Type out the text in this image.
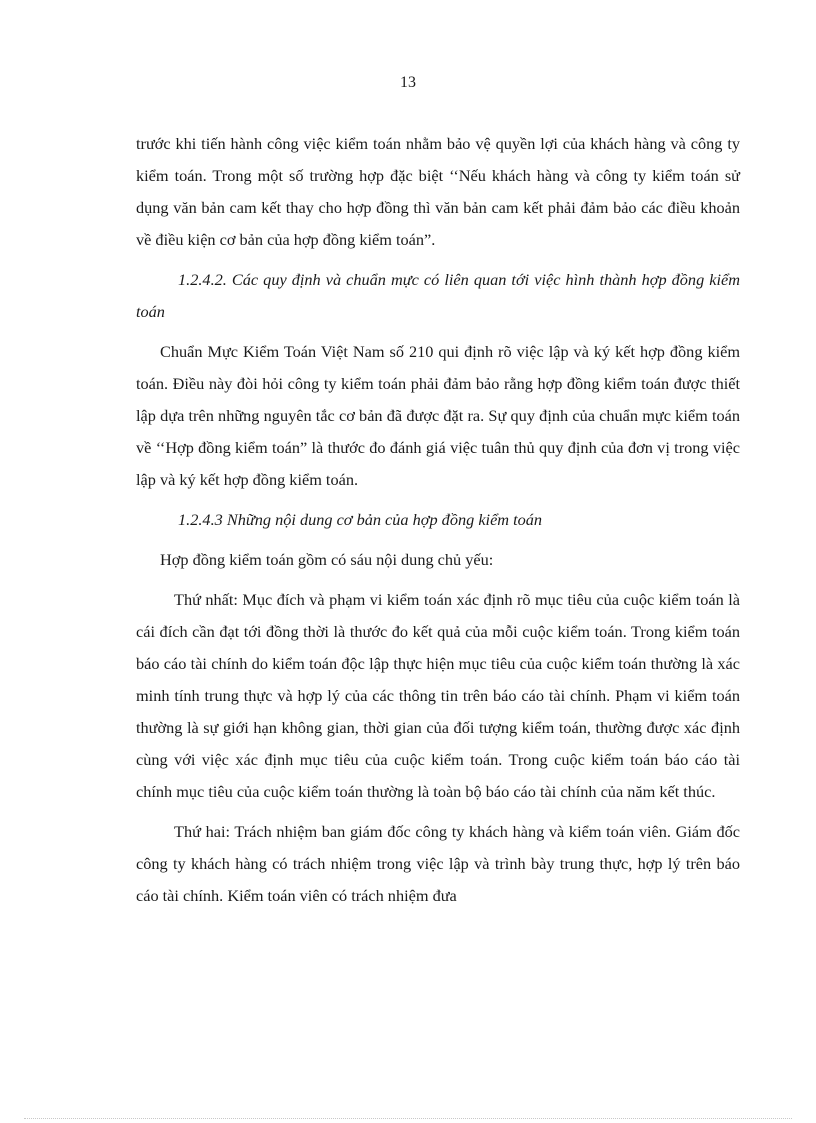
13

trước khi tiến hành công việc kiểm toán nhằm bảo vệ quyền lợi của khách hàng và công ty kiểm toán. Trong một số trường hợp đặc biệt ‘‘Nếu khách hàng và công ty kiểm toán sử dụng văn bản cam kết thay cho hợp đồng thì văn bản cam kết phải đảm bảo các điều khoản về điều kiện cơ bản của hợp đồng kiểm toán”.

1.2.4.2. Các quy định và chuẩn mực có liên quan tới việc hình thành hợp đồng kiểm toán

Chuẩn Mực Kiểm Toán Việt Nam số 210 qui định rõ việc lập và ký kết hợp đồng kiểm toán. Điều này đòi hỏi công ty kiểm toán phải đảm bảo rằng hợp đồng kiểm toán được thiết lập dựa trên những nguyên tắc cơ bản đã được đặt ra. Sự quy định của chuẩn mực kiểm toán về ‘‘Hợp đồng kiểm toán” là thước đo đánh giá việc tuân thủ quy định của đơn vị trong việc lập và ký kết hợp đồng kiểm toán.

1.2.4.3 Những nội dung cơ bản của hợp đồng kiểm toán

Hợp đồng kiểm toán gồm có sáu nội dung chủ yếu:

Thứ nhất: Mục đích và phạm vi kiểm toán xác định rõ mục tiêu của cuộc kiểm toán là cái đích cần đạt tới đồng thời là thước đo kết quả của mỗi cuộc kiểm toán. Trong kiểm toán báo cáo tài chính do kiểm toán độc lập thực hiện mục tiêu của cuộc kiểm toán thường là xác minh tính trung thực và hợp lý của các thông tin trên báo cáo tài chính. Phạm vi kiểm toán thường là sự giới hạn không gian, thời gian của đối tượng kiểm toán, thường được xác định cùng với việc xác định mục tiêu của cuộc kiểm toán. Trong cuộc kiểm toán báo cáo tài chính mục tiêu của cuộc kiểm toán thường là toàn bộ báo cáo tài chính của năm kết thúc.

Thứ hai: Trách nhiệm ban giám đốc công ty khách hàng và kiểm toán viên. Giám đốc công ty khách hàng có trách nhiệm trong việc lập và trình bày trung thực, hợp lý trên báo cáo tài chính. Kiểm toán viên có trách nhiệm đưa
